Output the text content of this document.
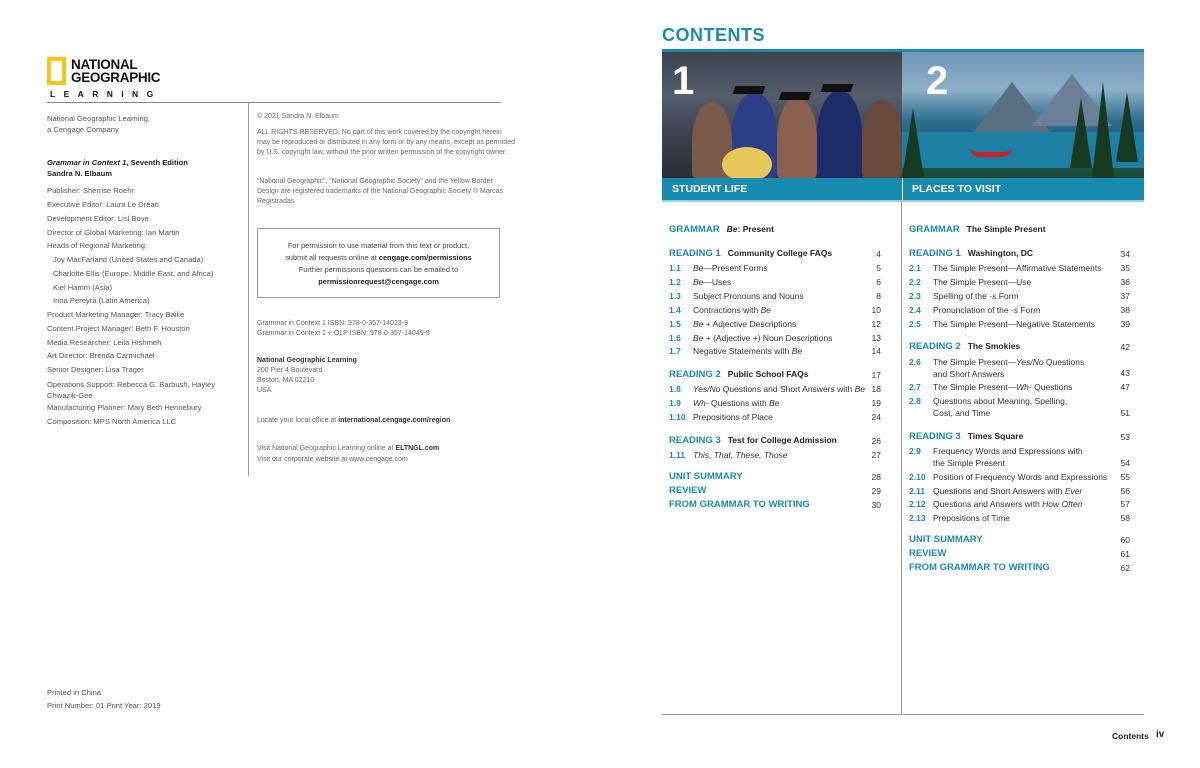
NATIONAL
GEOGRAPHIC
LEARNING
National Geographic Learning,
a Cengage Company
Grammar in Context 1, Seventh Edition
Sandra N. Elbaum
Publisher: Sherrise Roehr
Executive Editor: Laura Le Dréan
Development Editor: Lisl Bove
Director of Global Marketing: Ian Martin
Heads of Regional Marketing:
Joy MacFarland (United States and Canada)
Charlotte Ellis (Europe, Middle East, and Africa)
Kiel Hamm (Asia)
Irina Pereyra (Latin America)
Product Marketing Manager: Tracy Bailie
Content Project Manager: Beth F. Houston
Media Researcher: Leila Hishmeh
Art Director: Brenda Carmichael
Senior Designer: Lisa Trager
Operations Support: Rebecca G. Barbush, Hayley Chwazik-Gee
Manufacturing Planner: Mary Beth Hennebury
Composition: MPS North America LLC
Printed in China
Print Number: 01 Print Year: 2019
© 2021 Sandra N. Elbaum
ALL RIGHTS RESERVED. No part of this work covered by the copyright herein may be reproduced or distributed in any form or by any means, except as permitted by U.S. copyright law, without the prior written permission of the copyright owner.
“National Geographic”, “National Geographic Society” and the Yellow Border Design are registered trademarks of the National Geographic Society ® Marcas Registradas
For permission to use material from this text or product,
submit all requests online at cengage.com/permissions
Further permissions questions can be emailed to
permissionrequest@cengage.com
Grammar in Context 1 ISBN: 978-0-357-14023-9
Grammar in Context 1 + OLP ISBN: 978-0-357-14049-9
National Geographic Learning
200 Pier 4 Boulevard
Boston, MA 02210
USA
Locate your local office at international.cengage.com/region
Visit National Geographic Learning online at ELTNGL.com
Visit our corporate website at www.cengage.com
CONTENTS
1	2
STUDENT LIFE	PLACES TO VISIT
GRAMMAR Be: Present
READING 1 Community College FAQs	4
1.1 Be—Present Forms	5
1.2 Be—Uses	6
1.3 Subject Pronouns and Nouns	8
1.4 Contractions with Be	10
1.5 Be + Adjective Descriptions	12
1.6 Be + (Adjective +) Noun Descriptions	13
1.7 Negative Statements with Be	14
READING 2 Public School FAQs	17
1.8 Yes/No Questions and Short Answers with Be 18
1.9 Wh- Questions with Be	19
1.10 Prepositions of Place	24
READING 3 Test for College Admission	26
1.11 This, That, These, Those	27
UNIT SUMMARY	28
REVIEW	29
FROM GRAMMAR TO WRITING	30
GRAMMAR The Simple Present
READING 1 Washington, DC	34
2.1 The Simple Present—Affirmative Statements	35
2.2 The Simple Present—Use	36
2.3 Spelling of the -s Form	37
2.4 Pronunciation of the -s Form	38
2.5 The Simple Present—Negative Statements	39
READING 2 The Smokies	42
2.6 The Simple Present—Yes/No Questions
and Short Answers	43
2.7 The Simple Present—Wh- Questions	47
2.8 Questions about Meaning, Spelling,
Cost, and Time	51
READING 3 Times Square	53
2.9 Frequency Words and Expressions with
the Simple Present	54
2.10 Position of Frequency Words and Expressions	55
2.11 Questions and Short Answers with Ever	56
2.12 Questions and Answers with How Often	57
2.13 Prepositions of Time	58
UNIT SUMMARY	60
REVIEW	61
FROM GRAMMAR TO WRITING	62
Contents iv
